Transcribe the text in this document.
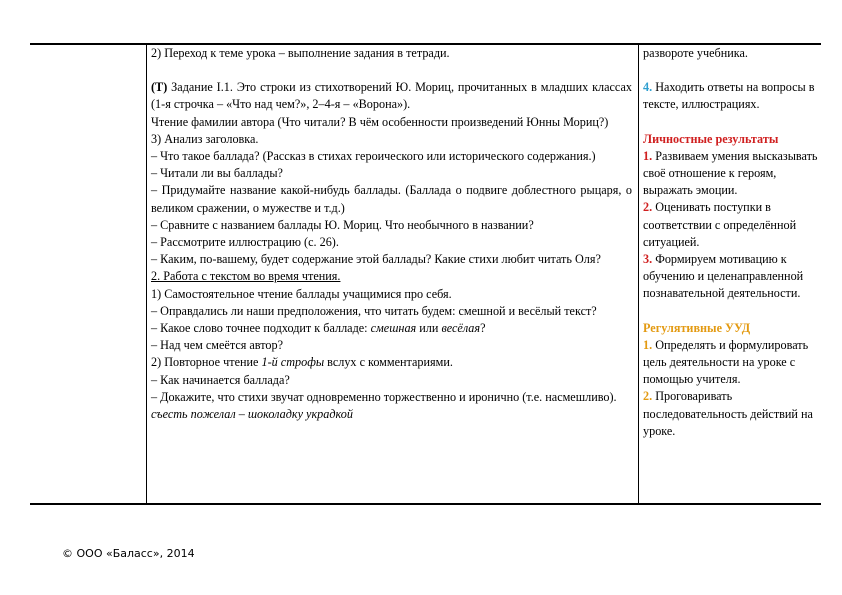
2) Переход к теме урока – выполнение задания в тетради.

(Т) Задание I.1. Это строки из стихотворений Ю. Мориц, прочитанных в младших классах (1-я строчка – «Что над чем?», 2–4-я – «Ворона»).

Чтение фамилии автора (Что читали? В чём особенности произведений Юнны Мориц?)

3) Анализ заголовка.

– Что такое баллада? (Рассказ в стихах героического или исторического содержания.)

– Читали ли вы баллады?

– Придумайте название какой-нибудь баллады. (Баллада о подвиге доблестного рыцаря, о великом сражении, о мужестве и т.д.)

– Сравните с названием баллады Ю. Мориц. Что необычного в названии?

– Рассмотрите иллюстрацию (с. 26).

– Каким, по-вашему, будет содержание этой баллады? Какие стихи любит читать Оля?

2. Работа с текстом во время чтения.

1) Самостоятельное чтение баллады учащимися про себя.

– Оправдались ли наши предположения, что читать будем: смешной и весёлый текст?

– Какое слово точнее подходит к балладе: смешная или весёлая?

– Над чем смеётся автор?

2) Повторное чтение 1-й строфы вслух с комментариями.

– Как начинается баллада?

– Докажите, что стихи звучат одновременно торжественно и иронично (т.е. насмешливо).

съесть пожелал – шоколадку украдкой

развороте учебника.

4. Находить ответы на вопросы в тексте, иллюстрациях.

Личностные результаты

1. Развиваем умения высказывать своё отношение к героям, выражать эмоции.

2. Оценивать поступки в соответствии с определённой ситуацией.

3. Формируем мотивацию к обучению и целенаправленной познавательной деятельности.

Регулятивные УУД

1. Определять и формулировать цель деятельности на уроке с помощью учителя.

2. Проговаривать последовательность действий на уроке.

© ООО «Баласс», 2014
